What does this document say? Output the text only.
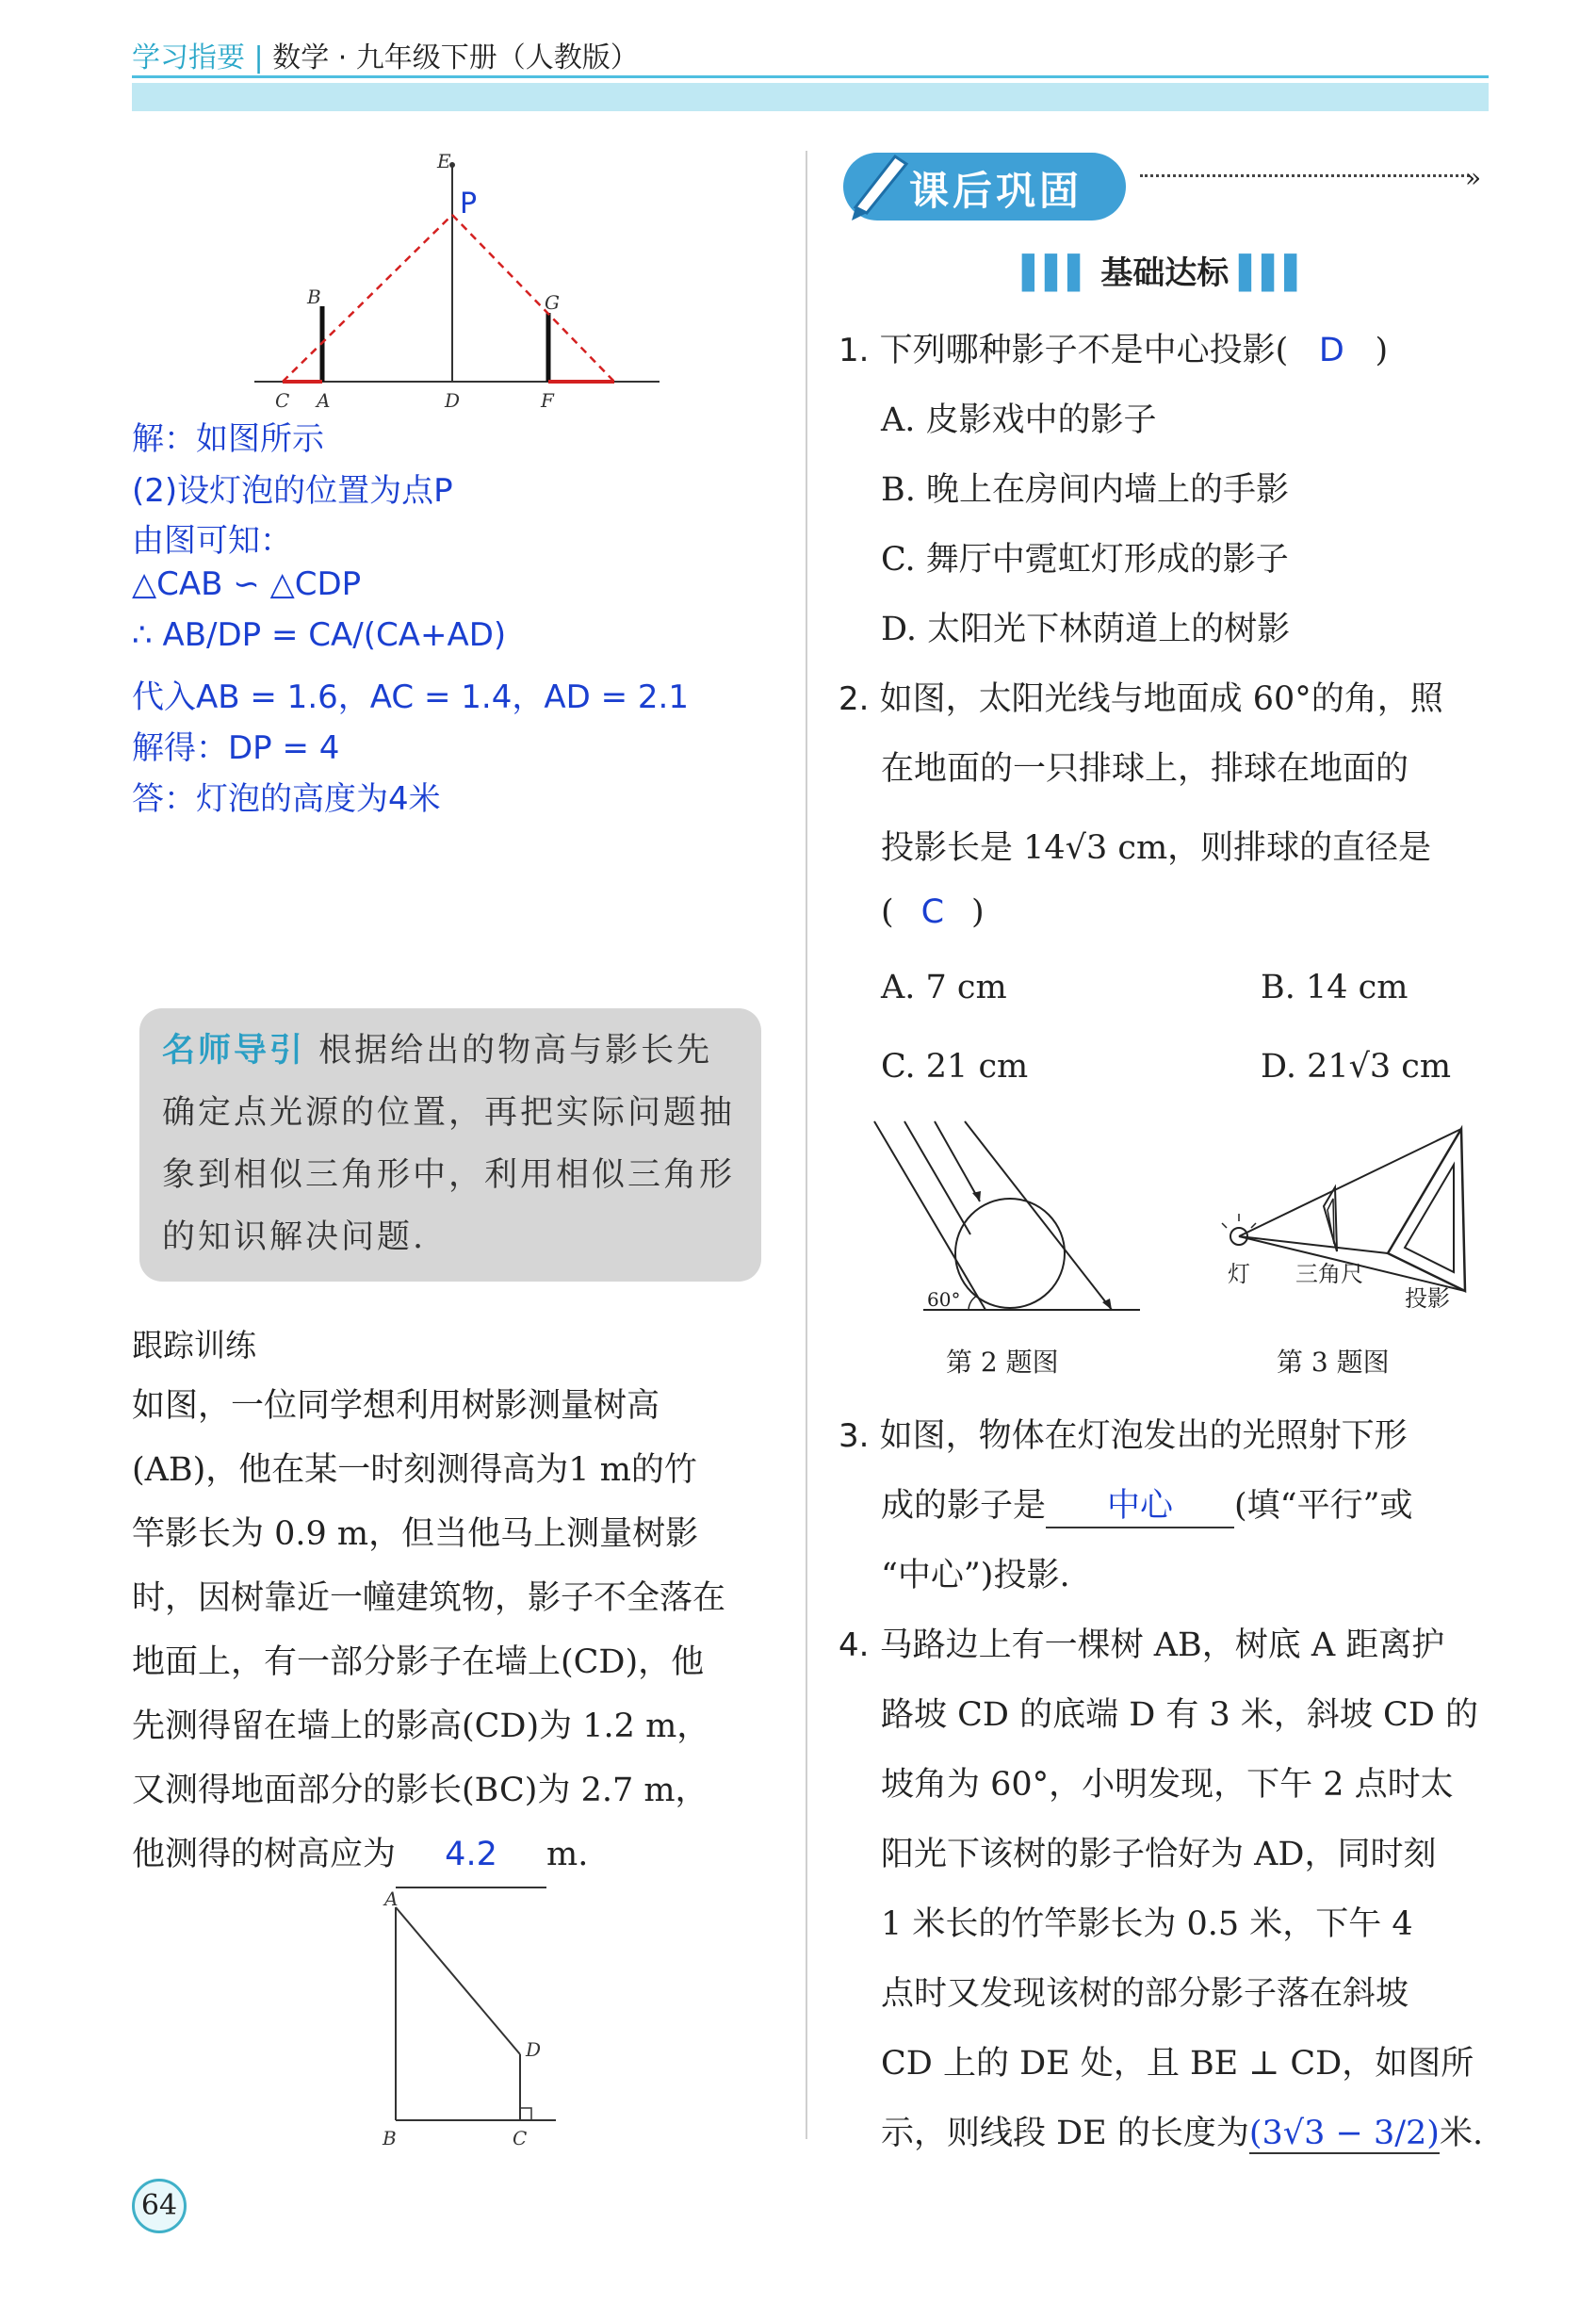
学习指要 | 数学 · 九年级下册（人教版）
E
P
B	G
C A	D	F
解：如图所示
(2)设灯泡的位置为点P
由图可知：
△CAB ∽ △CDP
∴ AB/DP = CA/(CA+AD)
代入AB = 1.6，AC = 1.4，AD = 2.1
解得：DP = 4
答：灯泡的高度为4米
名师导引 根据给出的物高与影长先确定点光源的位置，再把实际问题抽象到相似三角形中，利用相似三角形的知识解决问题.
跟踪训练
如图，一位同学想利用树影测量树高
(AB)，他在某一时刻测得高为1 m的竹
竿影长为 0.9 m，但当他马上测量树影
时，因树靠近一幢建筑物，影子不全落在
地面上，有一部分影子在墙上(CD)，他
先测得留在墙上的影高(CD)为 1.2 m，
又测得地面部分的影长(BC)为 2.7 m，
他测得的树高应为 4.2 m.
A
D
B	C
课后巩固	»
▌▌▌ 基础达标 ▌▌▌
1. 下列哪种影子不是中心投影( D )
A. 皮影戏中的影子
B. 晚上在房间内墙上的手影
C. 舞厅中霓虹灯形成的影子
D. 太阳光下林荫道上的树影
2. 如图，太阳光线与地面成 60°的角，照
在地面的一只排球上，排球在地面的
投影长是 14√3 cm，则排球的直径是
( C )
A. 7 cm	B. 14 cm
C. 21 cm	D. 21√3 cm
60°
第 2 题图
灯 三角尺
投影
第 3 题图
3. 如图，物体在灯泡发出的光照射下形
成的影子是 中心 (填“平行”或
“中心”)投影.
4. 马路边上有一棵树 AB，树底 A 距离护
路坡 CD 的底端 D 有 3 米，斜坡 CD 的
坡角为 60°，小明发现，下午 2 点时太
阳光下该树的影子恰好为 AD，同时刻
1 米长的竹竿影长为 0.5 米，下午 4
点时又发现该树的部分影子落在斜坡
CD 上的 DE 处，且 BE ⊥ CD，如图所
示，则线段 DE 的长度为(3√3 − 3/2)米.
64
